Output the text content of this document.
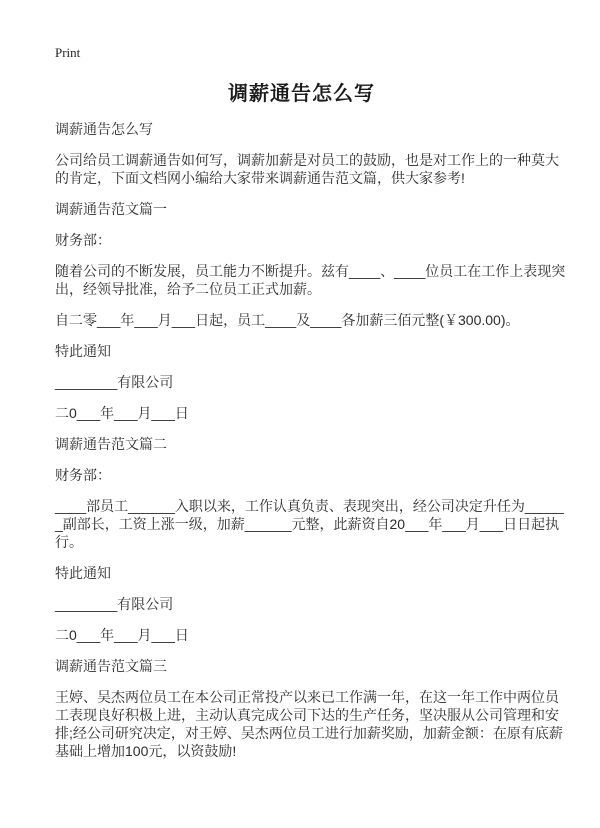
Print
调薪通告怎么写

调薪通告怎么写

公司给员工调薪通告如何写，调薪加薪是对员工的鼓励，也是对工作上的一种莫大的肯定，下面文档网小编给大家带来调薪通告范文篇，供大家参考!

调薪通告范文篇一

财务部：

随着公司的不断发展，员工能力不断提升。兹有____、____位员工在工作上表现突出，经领导批准，给予二位员工正式加薪。

自二零___年___月___日起，员工____及____各加薪三佰元整(￥300.00)。

特此通知

________有限公司

二0___年___月___日

调薪通告范文篇二

财务部：

____部员工______入职以来，工作认真负责、表现突出，经公司决定升任为______副部长，工资上涨一级，加薪______元整，此薪资自20___年___月___日日起执行。

特此通知

________有限公司

二0___年___月___日

调薪通告范文篇三

王婷、吴杰两位员工在本公司正常投产以来已工作满一年，在这一年工作中两位员工表现良好积极上进，主动认真完成公司下达的生产任务，坚决服从公司管理和安排;经公司研究决定，对王婷、吴杰两位员工进行加薪奖励，加薪金额：在原有底薪基础上增加100元，以资鼓励!
